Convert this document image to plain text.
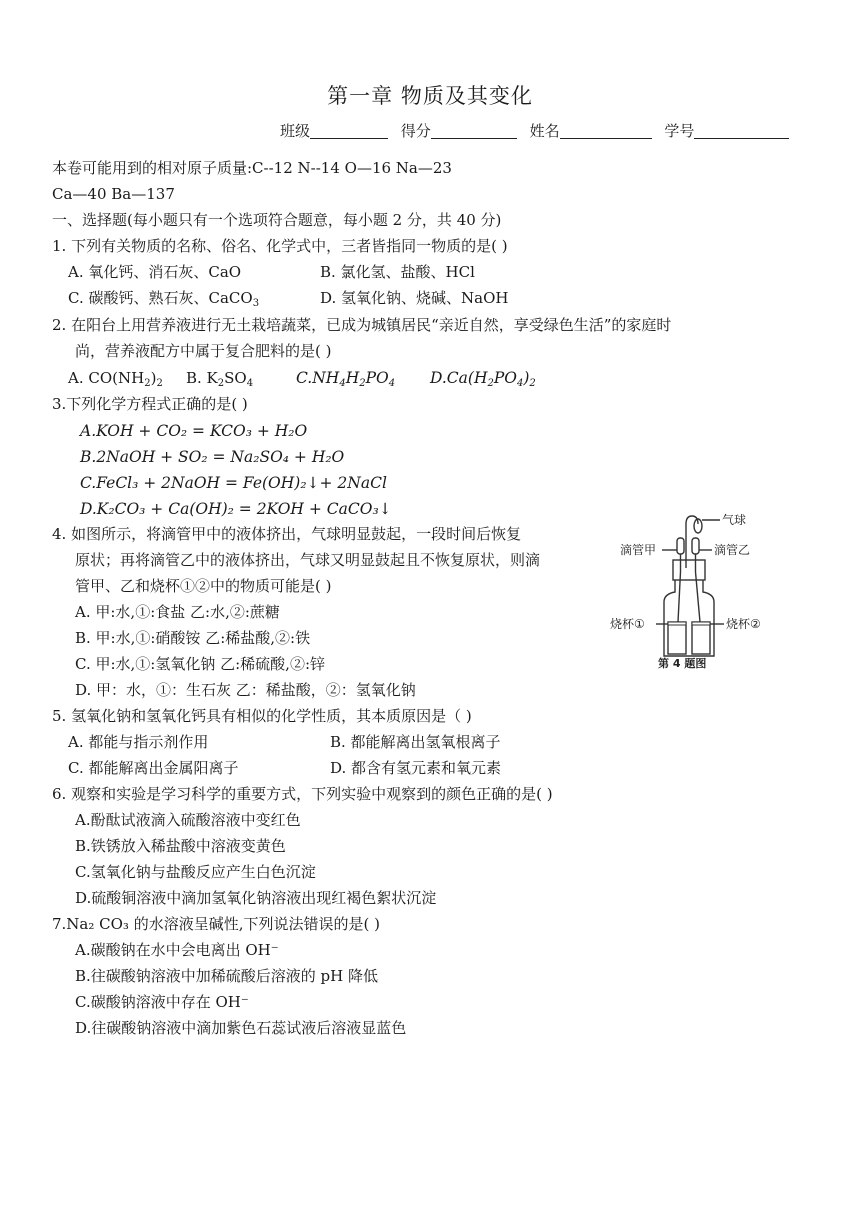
第一章 物质及其变化
班级	得分	姓名	学号
本卷可能用到的相对原子质量:C--12 N--14 O—16 Na—23
Ca—40 Ba—137
一、选择题(每小题只有一个选项符合题意，每小题 2 分，共 40 分)
1. 下列有关物质的名称、俗名、化学式中，三者皆指同一物质的是( )
A. 氧化钙、消石灰、CaO	B. 氯化氢、盐酸、HCl
C. 碳酸钙、熟石灰、CaCO$_3$	D. 氢氧化钠、烧碱、NaOH
2. 在阳台上用营养液进行无土栽培蔬菜，已成为城镇居民“亲近自然，享受绿色生活”的家庭时
尚，营养液配方中属于复合肥料的是( )
A. $CO(NH_2)_2$ B. $K_2SO_4$	$C.NH_4H_2PO_4$ $D.Ca(H_2PO_4)_2$
3.下列化学方程式正确的是( )
A.KOH + CO₂ = KCO₃ + H₂O
B.2NaOH + SO₂ = Na₂SO₄ + H₂O
C.FeCl₃ + 2NaOH = Fe(OH)₂↓+ 2NaCl
D.K₂CO₃ + Ca(OH)₂ = 2KOH + CaCO₃↓
4. 如图所示，将滴管甲中的液体挤出，气球明显鼓起，一段时间后恢复
原状；再将滴管乙中的液体挤出，气球又明显鼓起且不恢复原状，则滴
管甲、乙和烧杯①②中的物质可能是( )
A. 甲:水,①:食盐 乙:水,②:蔗糖
B. 甲:水,①:硝酸铵 乙:稀盐酸,②:铁
C. 甲:水,①:氢氧化钠 乙:稀硫酸,②:锌
D. 甲：水，①：生石灰 乙：稀盐酸，②：氢氧化钠
气球
滴管甲	滴管乙
烧杯①	烧杯②
第 4 题图
5. 氢氧化钠和氢氧化钙具有相似的化学性质，其本质原因是（ )
A. 都能与指示剂作用	B. 都能解离出氢氧根离子
C. 都能解离出金属阳离子	D. 都含有氢元素和氧元素
6. 观察和实验是学习科学的重要方式，下列实验中观察到的颜色正确的是( )
A.酚酞试液滴入硫酸溶液中变红色
B.铁锈放入稀盐酸中溶液变黄色
C.氢氧化钠与盐酸反应产生白色沉淀
D.硫酸铜溶液中滴加氢氧化钠溶液出现红褐色絮状沉淀
7.Na₂ CO₃ 的水溶液呈碱性,下列说法错误的是( )
A.碳酸钠在水中会电离出 OH⁻
B.往碳酸钠溶液中加稀硫酸后溶液的 pH 降低
C.碳酸钠溶液中存在 OH⁻
D.往碳酸钠溶液中滴加紫色石蕊试液后溶液显蓝色
